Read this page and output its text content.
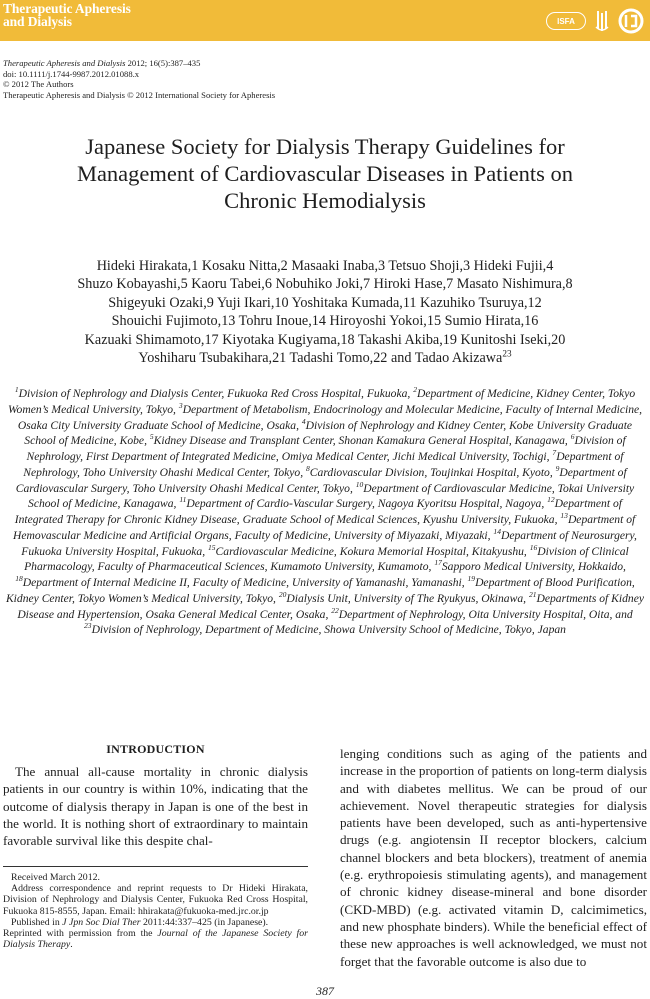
Therapeutic Apheresis
and Dialysis	ISFA
Therapeutic Apheresis and Dialysis 2012; 16(5):387–435
doi: 10.1111/j.1744-9987.2012.01088.x
© 2012 The Authors
Therapeutic Apheresis and Dialysis © 2012 International Society for Apheresis
Japanese Society for Dialysis Therapy Guidelines for
Management of Cardiovascular Diseases in Patients on
Chronic Hemodialysis
Hideki Hirakata,1 Kosaku Nitta,2 Masaaki Inaba,3 Tetsuo Shoji,3 Hideki Fujii,4
Shuzo Kobayashi,5 Kaoru Tabei,6 Nobuhiko Joki,7 Hiroki Hase,7 Masato Nishimura,8
Shigeyuki Ozaki,9 Yuji Ikari,10 Yoshitaka Kumada,11 Kazuhiko Tsuruya,12
Shouichi Fujimoto,13 Tohru Inoue,14 Hiroyoshi Yokoi,15 Sumio Hirata,16
Kazuaki Shimamoto,17 Kiyotaka Kugiyama,18 Takashi Akiba,19 Kunitoshi Iseki,20
Yoshiharu Tsubakihara,21 Tadashi Tomo,22 and Tadao Akizawa$^{23}$
$^1$Division of Nephrology and Dialysis Center, Fukuoka Red Cross Hospital, Fukuoka, $^2$Department of Medicine, Kidney Center, Tokyo Women’s Medical University, Tokyo, $^3$Department of Metabolism, Endocrinology and Molecular Medicine, Faculty of Internal Medicine, Osaka City University Graduate School of Medicine, Osaka, $^4$Division of Nephrology and Kidney Center, Kobe University Graduate School of Medicine, Kobe, $^5$Kidney Disease and Transplant Center, Shonan Kamakura General Hospital, Kanagawa, $^6$Division of Nephrology, First Department of Integrated Medicine, Omiya Medical Center, Jichi Medical University, Tochigi, $^7$Department of Nephrology, Toho University Ohashi Medical Center, Tokyo, $^8$Cardiovascular Division, Toujinkai Hospital, Kyoto, $^9$Department of Cardiovascular Surgery, Toho University Ohashi Medical Center, Tokyo, $^{10}$Department of Cardiovascular Medicine, Tokai University School of Medicine, Kanagawa, $^{11}$Department of Cardio-Vascular Surgery, Nagoya Kyoritsu Hospital, Nagoya, $^{12}$Department of Integrated Therapy for Chronic Kidney Disease, Graduate School of Medical Sciences, Kyushu University, Fukuoka, $^{13}$Department of Hemovascular Medicine and Artificial Organs, Faculty of Medicine, University of Miyazaki, Miyazaki, $^{14}$Department of Neurosurgery, Fukuoka University Hospital, Fukuoka, $^{15}$Cardiovascular Medicine, Kokura Memorial Hospital, Kitakyushu, $^{16}$Division of Clinical Pharmacology, Faculty of Pharmaceutical Sciences, Kumamoto University, Kumamoto, $^{17}$Sapporo Medical University, Hokkaido, $^{18}$Department of Internal Medicine II, Faculty of Medicine, University of Yamanashi, Yamanashi, $^{19}$Department of Blood Purification, Kidney Center, Tokyo Women’s Medical University, Tokyo, $^{20}$Dialysis Unit, University of The Ryukyus, Okinawa, $^{21}$Departments of Kidney Disease and Hypertension, Osaka General Medical Center, Osaka, $^{22}$Department of Nephrology, Oita University Hospital, Oita, and $^{23}$Division of Nephrology, Department of Medicine, Showa University School of Medicine, Tokyo, Japan
INTRODUCTION

The annual all-cause mortality in chronic dialysis patients in our country is within 10%, indicating that the outcome of dialysis therapy in Japan is one of the best in the world. It is nothing short of extraordinary to maintain favorable survival like this despite chal-

Received March 2012.

Address correspondence and reprint requests to Dr Hideki Hirakata, Division of Nephrology and Dialysis Center, Fukuoka Red Cross Hospital, Fukuoka 815-8555, Japan. Email: hhirakata@fukuoka-med.jrc.or.jp

Published in J Jpn Soc Dial Ther 2011:44:337–425 (in Japanese).

Reprinted with permission from the Journal of the Japanese Society for Dialysis Therapy.

lenging conditions such as aging of the patients and increase in the proportion of patients on long-term dialysis and with diabetes mellitus. We can be proud of our achievement. Novel therapeutic strategies for dialysis patients have been developed, such as anti-hypertensive drugs (e.g. angiotensin II receptor blockers, calcium channel blockers and beta blockers), treatment of anemia (e.g. erythropoiesis stimulating agents), and management of chronic kidney disease-mineral and bone disorder (CKD-MBD) (e.g. activated vitamin D, calcimimetics, and new phosphate binders). While the beneficial effect of these new approaches is well acknowledged, we must not forget that the favorable outcome is also due to
387
